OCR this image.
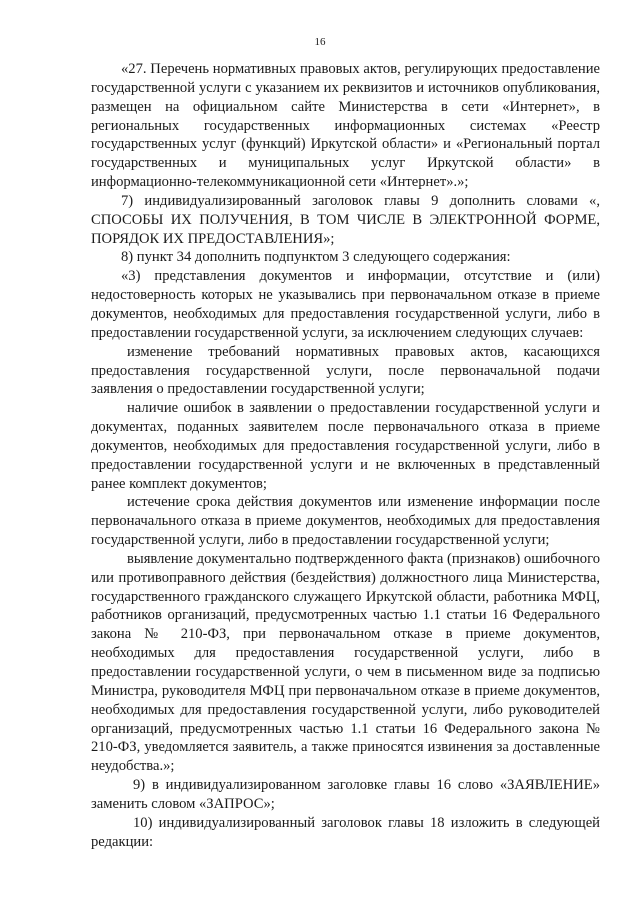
16

«27. Перечень нормативных правовых актов, регулирующих предоставление государственной услуги с указанием их реквизитов и источников опубликования, размещен на официальном сайте Министерства в сети «Интернет», в региональных государственных информационных системах «Реестр государственных услуг (функций) Иркутской области» и «Региональный портал государственных и муниципальных услуг Иркутской области» в информационно-телекоммуникационной сети «Интернет».»;

7) индивидуализированный заголовок главы 9 дополнить словами «, СПОСОБЫ ИХ ПОЛУЧЕНИЯ, В ТОМ ЧИСЛЕ В ЭЛЕКТРОННОЙ ФОРМЕ, ПОРЯДОК ИХ ПРЕДОСТАВЛЕНИЯ»;

8) пункт 34 дополнить подпунктом 3 следующего содержания:

«3) представления документов и информации, отсутствие и (или) недостоверность которых не указывались при первоначальном отказе в приеме документов, необходимых для предоставления государственной услуги, либо в предоставлении государственной услуги, за исключением следующих случаев:

изменение требований нормативных правовых актов, касающихся предоставления государственной услуги, после первоначальной подачи заявления о предоставлении государственной услуги;

наличие ошибок в заявлении о предоставлении государственной услуги и документах, поданных заявителем после первоначального отказа в приеме документов, необходимых для предоставления государственной услуги, либо в предоставлении государственной услуги и не включенных в представленный ранее комплект документов;

истечение срока действия документов или изменение информации после первоначального отказа в приеме документов, необходимых для предоставления государственной услуги, либо в предоставлении государственной услуги;

выявление документально подтвержденного факта (признаков) ошибочного или противоправного действия (бездействия) должностного лица Министерства, государственного гражданского служащего Иркутской области, работника МФЦ, работников организаций, предусмотренных частью 1.1 статьи 16 Федерального закона № 210-ФЗ, при первоначальном отказе в приеме документов, необходимых для предоставления государственной услуги, либо в предоставлении государственной услуги, о чем в письменном виде за подписью Министра, руководителя МФЦ при первоначальном отказе в приеме документов, необходимых для предоставления государственной услуги, либо руководителей организаций, предусмотренных частью 1.1 статьи 16 Федерального закона № 210-ФЗ, уведомляется заявитель, а также приносятся извинения за доставленные неудобства.»;

9) в индивидуализированном заголовке главы 16 слово «ЗАЯВЛЕНИЕ» заменить словом «ЗАПРОС»;

10) индивидуализированный заголовок главы 18 изложить в следующей редакции:
